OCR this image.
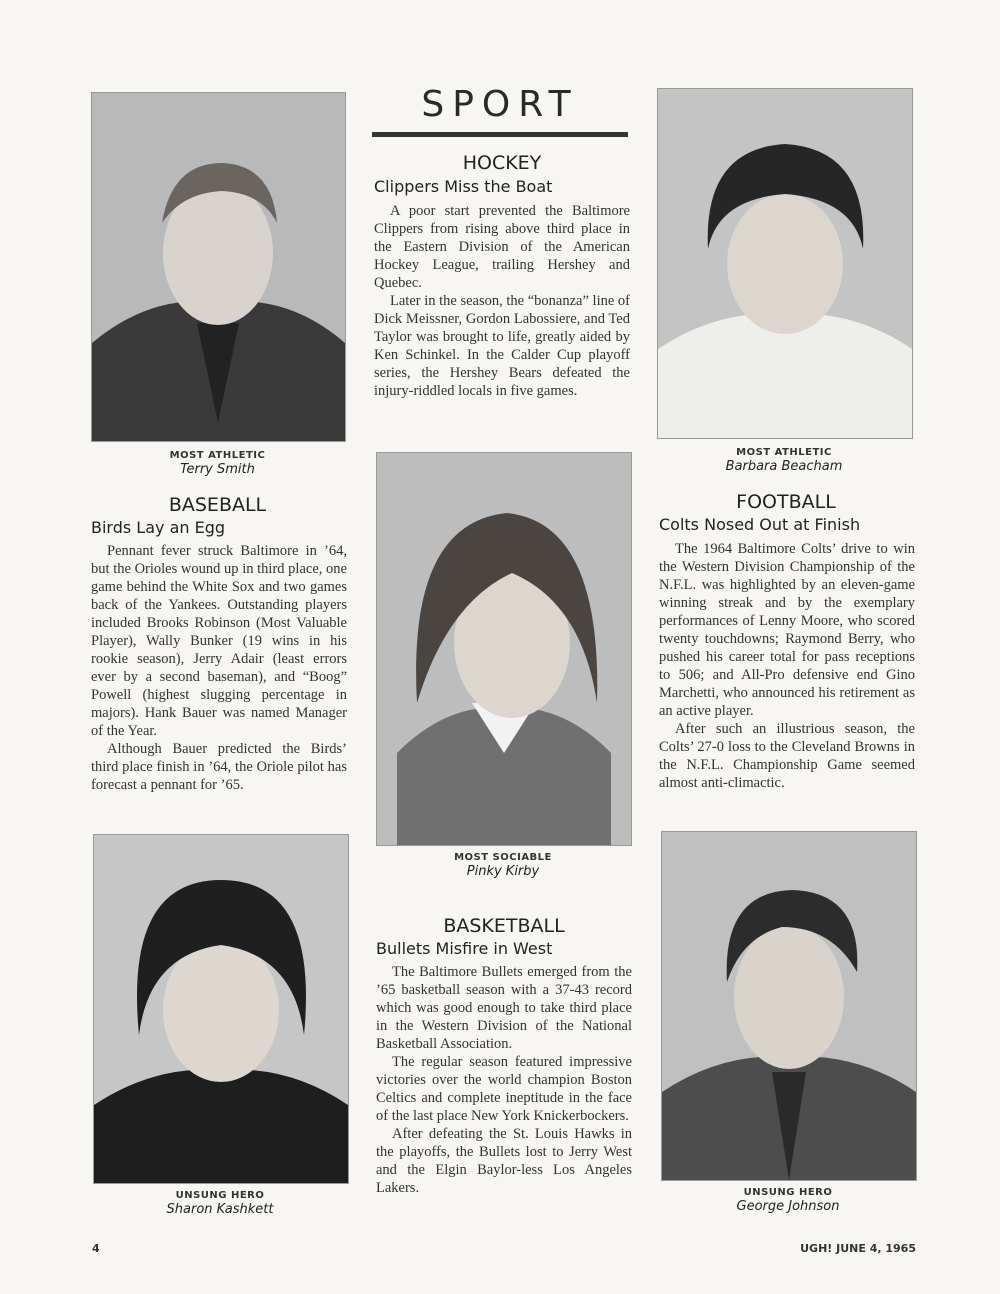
SPORT
MOST ATHLETIC
Terry Smith
MOST ATHLETIC
Barbara Beacham
MOST SOCIABLE
Pinky Kirby
UNSUNG HERO
Sharon Kashkett
UNSUNG HERO
George Johnson
HOCKEY
Clippers Miss the Boat

A poor start prevented the Baltimore Clippers from rising above third place in the Eastern Division of the American Hockey League, trailing Hershey and Quebec.

Later in the season, the “bonanza” line of Dick Meissner, Gordon Labossiere, and Ted Taylor was brought to life, greatly aided by Ken Schinkel. In the Calder Cup playoff series, the Hershey Bears defeated the injury-riddled locals in five games.

BASEBALL
Birds Lay an Egg

Pennant fever struck Baltimore in ’64, but the Orioles wound up in third place, one game behind the White Sox and two games back of the Yankees. Outstanding players included Brooks Robinson (Most Valuable Player), Wally Bunker (19 wins in his rookie season), Jerry Adair (least errors ever by a second baseman), and “Boog” Powell (highest slugging percentage in majors). Hank Bauer was named Manager of the Year.

Although Bauer predicted the Birds’ third place finish in ’64, the Oriole pilot has forecast a pennant for ’65.

FOOTBALL
Colts Nosed Out at Finish

The 1964 Baltimore Colts’ drive to win the Western Division Championship of the N.F.L. was highlighted by an eleven-game winning streak and by the exemplary performances of Lenny Moore, who scored twenty touchdowns; Raymond Berry, who pushed his career total for pass receptions to 506; and All-Pro defensive end Gino Marchetti, who announced his retirement as an active player.

After such an illustrious season, the Colts’ 27-0 loss to the Cleveland Browns in the N.F.L. Championship Game seemed almost anti-climactic.

BASKETBALL
Bullets Misfire in West

The Baltimore Bullets emerged from the ’65 basketball season with a 37-43 record which was good enough to take third place in the Western Division of the National Basketball Association.

The regular season featured impressive victories over the world champion Boston Celtics and complete ineptitude in the face of the last place New York Knickerbockers.

After defeating the St. Louis Hawks in the playoffs, the Bullets lost to Jerry West and the Elgin Baylor-less Los Angeles Lakers.

4	UGH! JUNE 4, 1965
